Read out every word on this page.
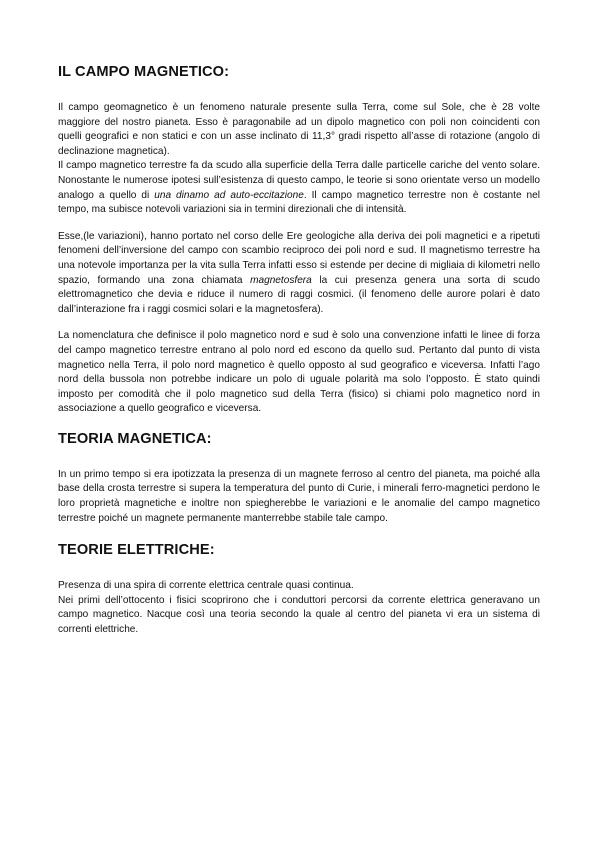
IL CAMPO MAGNETICO:

Il campo geomagnetico è un fenomeno naturale presente sulla Terra, come sul Sole, che è 28 volte maggiore del nostro pianeta. Esso è paragonabile ad un dipolo magnetico con poli non coincidenti con quelli geografici e non statici e con un asse inclinato di 11,3° gradi rispetto all’asse di rotazione (angolo di declinazione magnetica).
Il campo magnetico terrestre fa da scudo alla superficie della Terra dalle particelle cariche del vento solare. Nonostante le numerose ipotesi sull’esistenza di questo campo, le teorie si sono orientate verso un modello analogo a quello di una dinamo ad auto-eccitazione. Il campo magnetico terrestre non è costante nel tempo, ma subisce notevoli variazioni sia in termini direzionali che di intensità.

Esse,(le variazioni), hanno portato nel corso delle Ere geologiche alla deriva dei poli magnetici e a ripetuti fenomeni dell’inversione del campo con scambio reciproco dei poli nord e sud. Il magnetismo terrestre ha una notevole importanza per la vita sulla Terra infatti esso si estende per decine di migliaia di kilometri nello spazio, formando una zona chiamata magnetosfera la cui presenza genera una sorta di scudo elettromagnetico che devia e riduce il numero di raggi cosmici. (il fenomeno delle aurore polari è dato dall’interazione fra i raggi cosmici solari e la magnetosfera).

La nomenclatura che definisce il polo magnetico nord e sud è solo una convenzione infatti le linee di forza del campo magnetico terrestre entrano al polo nord ed escono da quello sud. Pertanto dal punto di vista magnetico nella Terra, il polo nord magnetico è quello opposto al sud geografico e viceversa. Infatti l’ago nord della bussola non potrebbe indicare un polo di uguale polarità ma solo l’opposto. È stato quindi imposto per comodità che il polo magnetico sud della Terra (fisico) si chiami polo magnetico nord in associazione a quello geografico e viceversa.

TEORIA MAGNETICA:

In un primo tempo si era ipotizzata la presenza di un magnete ferroso al centro del pianeta, ma poiché alla base della crosta terrestre si supera la temperatura del punto di Curie, i minerali ferro-magnetici perdono le loro proprietà magnetiche e inoltre non spiegherebbe le variazioni e le anomalie del campo magnetico terrestre poiché un magnete permanente manterrebbe stabile tale campo.

TEORIE ELETTRICHE:

Presenza di una spira di corrente elettrica centrale quasi continua.
Nei primi dell’ottocento i fisici scoprirono che i conduttori percorsi da corrente elettrica generavano un campo magnetico. Nacque così una teoria secondo la quale al centro del pianeta vi era un sistema di correnti elettriche.
